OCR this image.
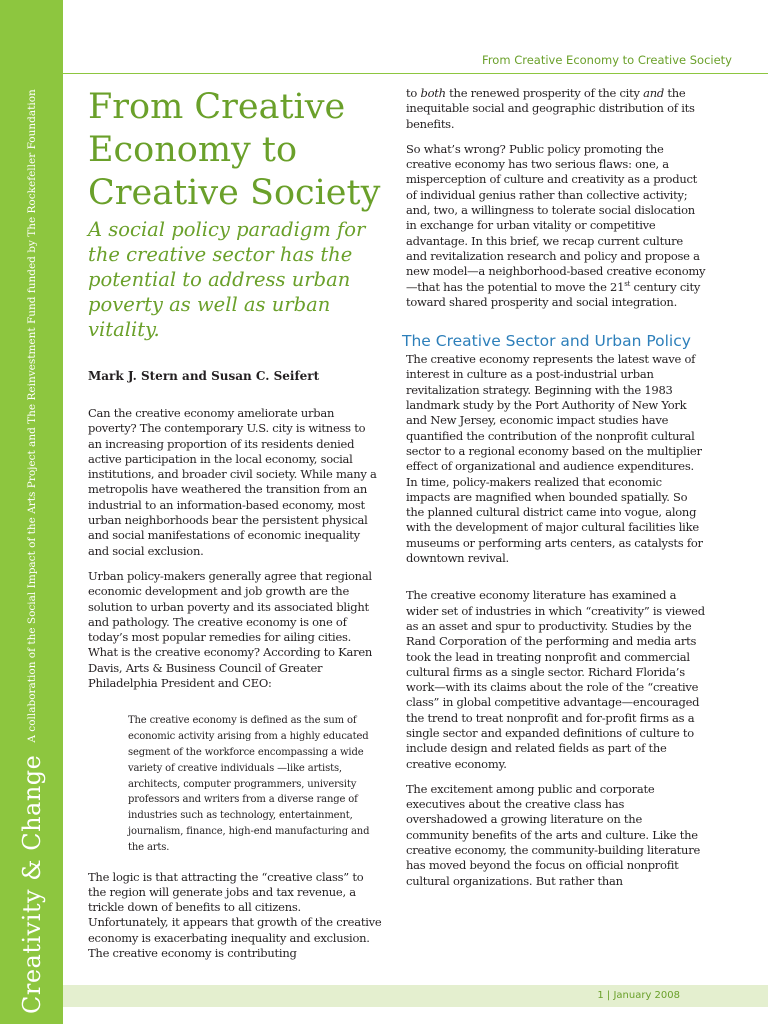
Creativity & Change
A collaboration of the Social Impact of the Arts Project and The Reinvestment Fund funded by The Rockefeller Foundation
From Creative Economy to Creative Society
From Creative
Economy to
Creative Society

A social policy paradigm for the creative sector has the potential to address urban poverty as well as urban vitality.

Mark J. Stern and Susan C. Seifert

Can the creative economy ameliorate urban poverty? The contemporary U.S. city is witness to an increasing proportion of its residents denied active participation in the local economy, social institutions, and broader civil society. While many a metropolis have weathered the transition from an industrial to an information-based economy, most urban neighborhoods bear the persistent physical and social manifestations of economic inequality and social exclusion.

Urban policy-makers generally agree that regional economic development and job growth are the solution to urban poverty and its associated blight and pathology. The creative economy is one of today’s most popular remedies for ailing cities. What is the creative economy? According to Karen Davis, Arts & Business Council of Greater Philadelphia President and CEO:

The creative economy is defined as the sum of economic activity arising from a highly educated segment of the workforce encompassing a wide variety of creative individuals —like artists, architects, computer programmers, university professors and writers from a diverse range of industries such as technology, entertainment, journalism, finance, high-end manufacturing and the arts.

The logic is that attracting the “creative class” to the region will generate jobs and tax revenue, a trickle down of benefits to all citizens. Unfortunately, it appears that growth of the creative economy is exacerbating inequality and exclusion. The creative economy is contributing

to both the renewed prosperity of the city and the inequitable social and geographic distribution of its benefits.

So what’s wrong? Public policy promoting the creative economy has two serious flaws: one, a misperception of culture and creativity as a product of individual genius rather than collective activity; and, two, a willingness to tolerate social dislocation in exchange for urban vitality or competitive advantage. In this brief, we recap current culture and revitalization research and policy and propose a new model—a neighborhood-based creative economy—that has the potential to move the 21st century city toward shared prosperity and social integration.

The Creative Sector and Urban Policy

The creative economy represents the latest wave of interest in culture as a post-industrial urban revitalization strategy. Beginning with the 1983 landmark study by the Port Authority of New York and New Jersey, economic impact studies have quantified the contribution of the nonprofit cultural sector to a regional economy based on the multiplier effect of organizational and audience expenditures. In time, policy-makers realized that economic impacts are magnified when bounded spatially. So the planned cultural district came into vogue, along with the development of major cultural facilities like museums or performing arts centers, as catalysts for downtown revival.

The creative economy literature has examined a wider set of industries in which “creativity” is viewed as an asset and spur to productivity. Studies by the Rand Corporation of the performing and media arts took the lead in treating nonprofit and commercial cultural firms as a single sector. Richard Florida’s work—with its claims about the role of the “creative class” in global competitive advantage—encouraged the trend to treat nonprofit and for-profit firms as a single sector and expanded definitions of culture to include design and related fields as part of the creative economy.

The excitement among public and corporate executives about the creative class has overshadowed a growing literature on the community benefits of the arts and culture. Like the creative economy, the community-building literature has moved beyond the focus on official nonprofit cultural organizations. But rather than

1 | January 2008
